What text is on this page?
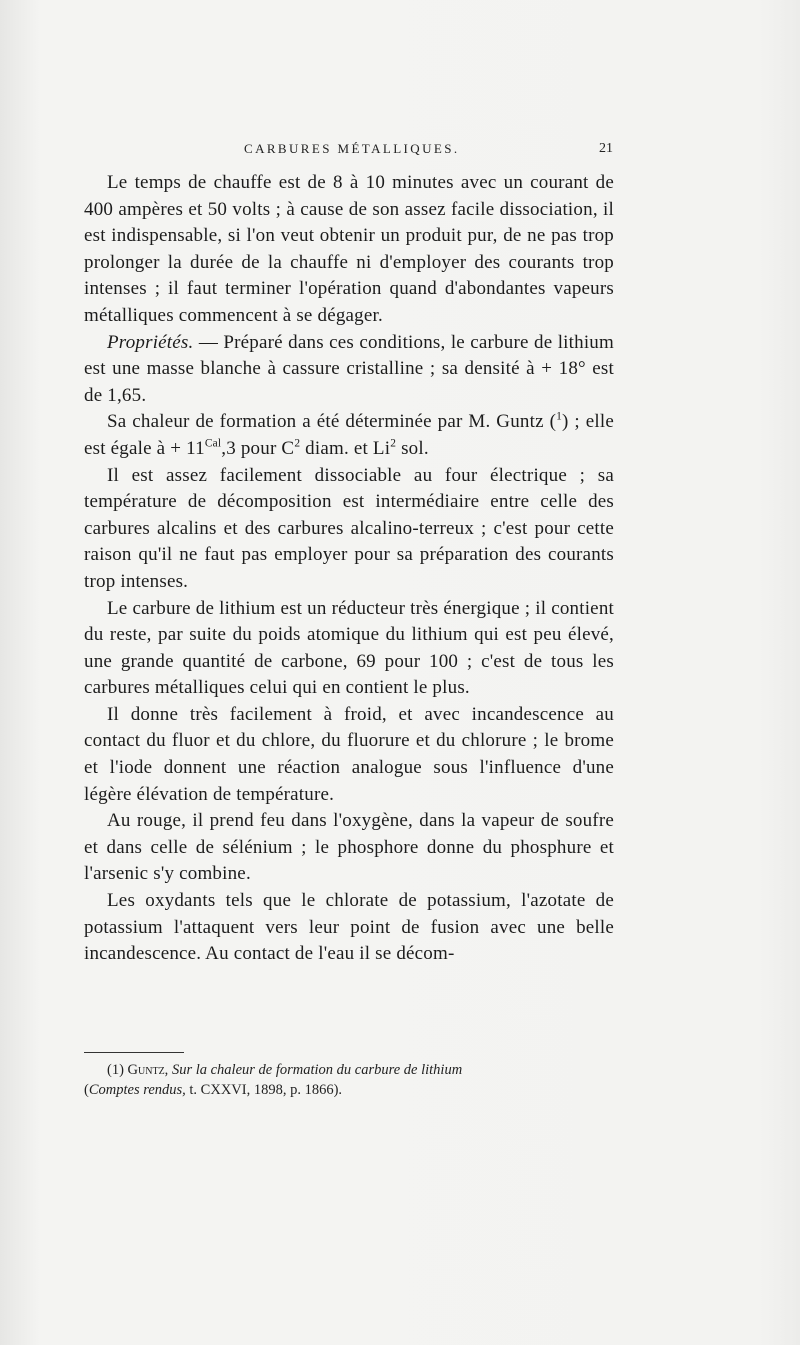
CARBURES MÉTALLIQUES.	21

Le temps de chauffe est de 8 à 10 minutes avec un courant de 400 ampères et 50 volts ; à cause de son assez facile dissociation, il est indispensable, si l'on veut obtenir un produit pur, de ne pas trop prolonger la durée de la chauffe ni d'employer des courants trop intenses ; il faut terminer l'opération quand d'abondantes vapeurs métalliques commencent à se dégager.

Propriétés. — Préparé dans ces conditions, le carbure de lithium est une masse blanche à cassure cristalline ; sa densité à + 18° est de 1,65.

Sa chaleur de formation a été déterminée par M. Guntz ($^1$) ; elle est égale à + $11^{Cal},3$ pour $C^2$ diam. et Li$^2$ sol.

Il est assez facilement dissociable au four électrique ; sa température de décomposition est intermédiaire entre celle des carbures alcalins et des carbures alcalino-terreux ; c'est pour cette raison qu'il ne faut pas employer pour sa préparation des courants trop intenses.

Le carbure de lithium est un réducteur très énergique ; il contient du reste, par suite du poids atomique du lithium qui est peu élevé, une grande quantité de carbone, 69 pour 100 ; c'est de tous les carbures métalliques celui qui en contient le plus.

Il donne très facilement à froid, et avec incandescence au contact du fluor et du chlore, du fluorure et du chlorure ; le brome et l'iode donnent une réaction analogue sous l'influence d'une légère élévation de température.

Au rouge, il prend feu dans l'oxygène, dans la vapeur de soufre et dans celle de sélénium ; le phosphore donne du phosphure et l'arsenic s'y combine.

Les oxydants tels que le chlorate de potassium, l'azotate de potassium l'attaquent vers leur point de fusion avec une belle incandescence. Au contact de l'eau il se décom-

(1) Guntz, Sur la chaleur de formation du carbure de lithium
(Comptes rendus, t. CXXVI, 1898, p. 1866).
